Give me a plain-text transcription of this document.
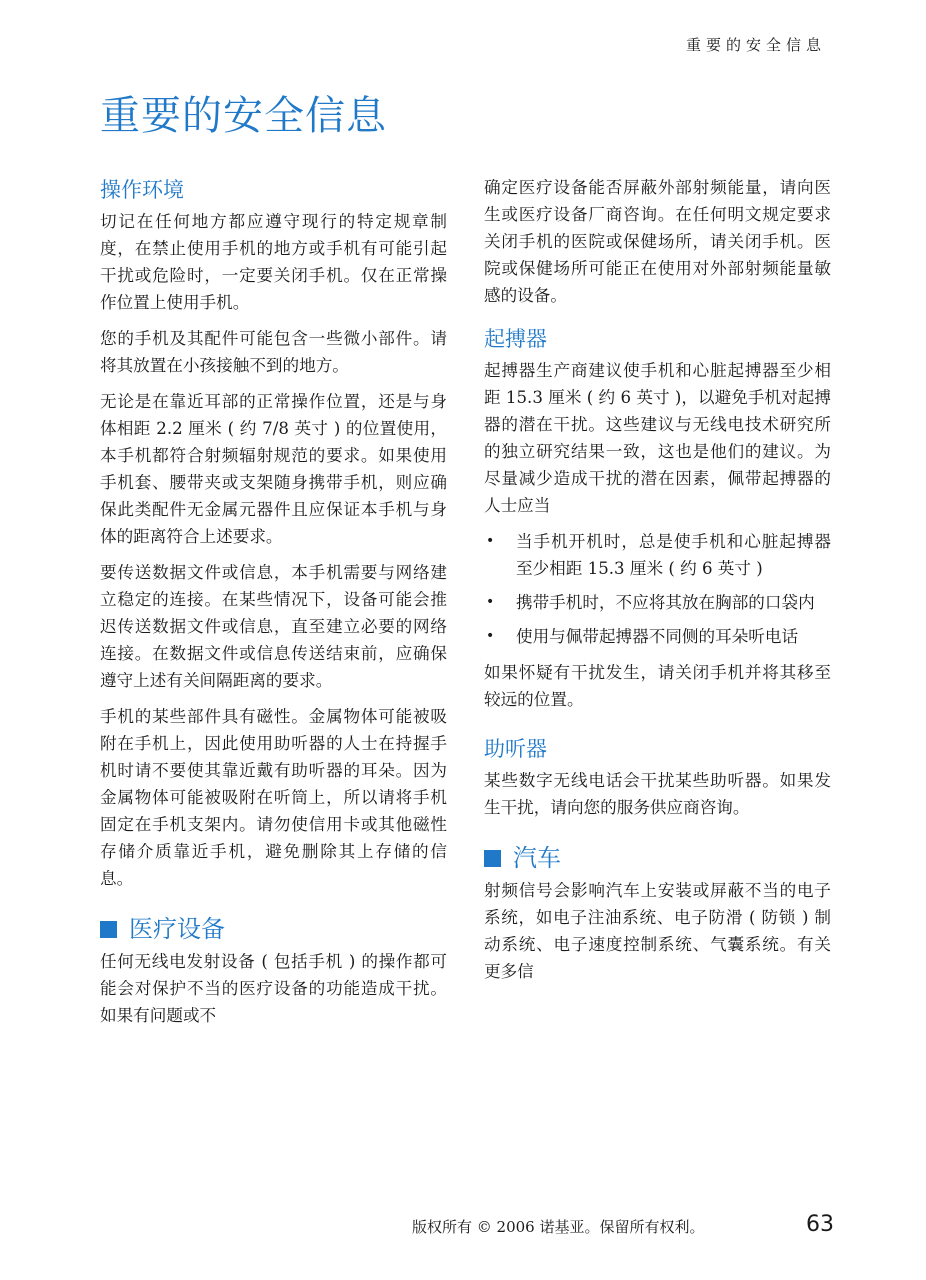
重要的安全信息
重要的安全信息
操作环境

切记在任何地方都应遵守现行的特定规章制度，在禁止使用手机的地方或手机有可能引起干扰或危险时，一定要关闭手机。仅在正常操作位置上使用手机。

您的手机及其配件可能包含一些微小部件。请将其放置在小孩接触不到的地方。

无论是在靠近耳部的正常操作位置，还是与身体相距 2.2 厘米 ( 约 7/8 英寸 ) 的位置使用，本手机都符合射频辐射规范的要求。如果使用手机套、腰带夹或支架随身携带手机，则应确保此类配件无金属元器件且应保证本手机与身体的距离符合上述要求。

要传送数据文件或信息，本手机需要与网络建立稳定的连接。在某些情况下，设备可能会推迟传送数据文件或信息，直至建立必要的网络连接。在数据文件或信息传送结束前，应确保遵守上述有关间隔距离的要求。

手机的某些部件具有磁性。金属物体可能被吸附在手机上，因此使用助听器的人士在持握手机时请不要使其靠近戴有助听器的耳朵。因为金属物体可能被吸附在听筒上，所以请将手机固定在手机支架内。请勿使信用卡或其他磁性存储介质靠近手机，避免删除其上存储的信息。

医疗设备

任何无线电发射设备 ( 包括手机 ) 的操作都可能会对保护不当的医疗设备的功能造成干扰。如果有问题或不

确定医疗设备能否屏蔽外部射频能量，请向医生或医疗设备厂商咨询。在任何明文规定要求关闭手机的医院或保健场所，请关闭手机。医院或保健场所可能正在使用对外部射频能量敏感的设备。

起搏器

起搏器生产商建议使手机和心脏起搏器至少相距 15.3 厘米 ( 约 6 英寸 )，以避免手机对起搏器的潜在干扰。这些建议与无线电技术研究所的独立研究结果一致，这也是他们的建议。为尽量减少造成干扰的潜在因素，佩带起搏器的人士应当

• 当手机开机时，总是使手机和心脏起搏器至少相距 15.3 厘米 ( 约 6 英寸 )
• 携带手机时，不应将其放在胸部的口袋内
• 使用与佩带起搏器不同侧的耳朵听电话

如果怀疑有干扰发生，请关闭手机并将其移至较远的位置。

助听器

某些数字无线电话会干扰某些助听器。如果发生干扰，请向您的服务供应商咨询。

汽车

射频信号会影响汽车上安装或屏蔽不当的电子系统，如电子注油系统、电子防滑 ( 防锁 ) 制动系统、电子速度控制系统、气囊系统。有关更多信

版权所有 © 2006 诺基亚。保留所有权利。	63
